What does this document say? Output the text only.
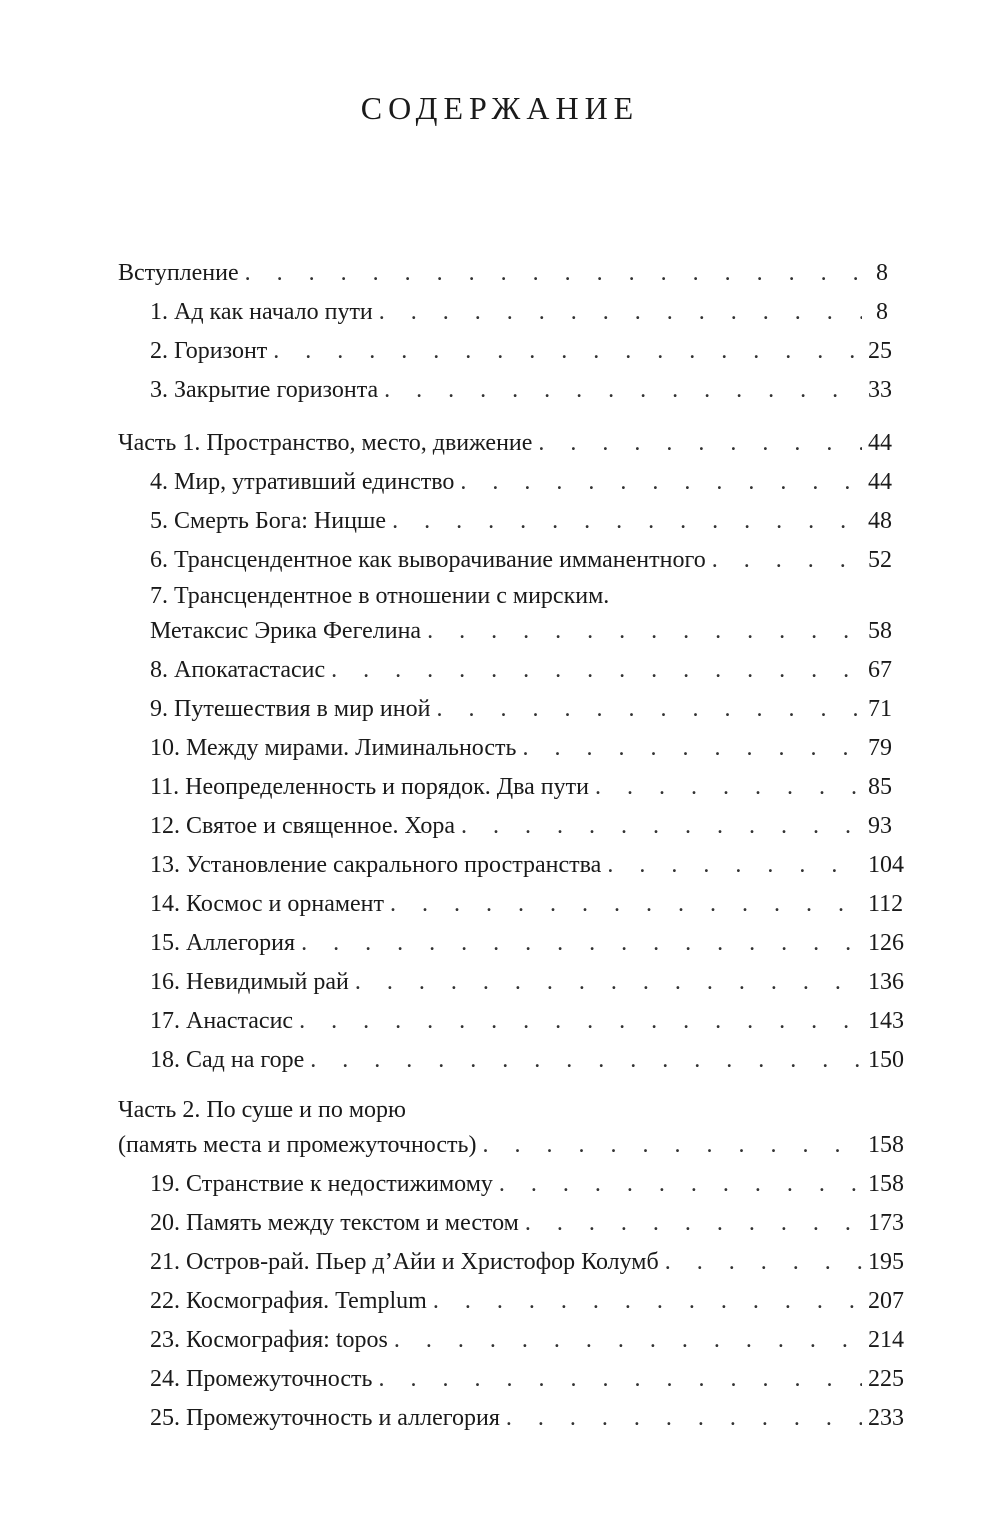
СОДЕРЖАНИЕ
Вступление . . .	8
1. Ад как начало пути . . .	8
2. Горизонт . . .	25
3. Закрытие горизонта . . .	33
Часть 1. Пространство, место, движение . . .	44
4. Мир, утративший единство . . .	44
5. Смерть Бога: Ницше . . .	48
6. Трансцендентное как выворачивание имманентного . . .	52
7. Трансцендентное в отношении с мирским.
Метаксис Эрика Фегелина . . .	58
8. Апокатастасис . . .	67
9. Путешествия в мир иной . . .	71
10. Между мирами. Лиминальность . . .	79
11. Неопределенность и порядок. Два пути . . .	85
12. Святое и священное. Хора . . .	93
13. Установление сакрального пространства . . .	104
14. Космос и орнамент . . .	112
15. Аллегория . . .	126
16. Невидимый рай . . .	136
17. Анастасис . . .	143
18. Сад на горе . . .	150
Часть 2. По суше и по морю
(память места и промежуточность) . . .	158
19. Странствие к недостижимому . . .	158
20. Память между текстом и местом . . .	173
21. Остров-рай. Пьер д’Айи и Христофор Колумб . . .	195
22. Космография. Templum . . .	207
23. Космография: topos . . .	214
24. Промежуточность . . .	225
25. Промежуточность и аллегория . . .	233
